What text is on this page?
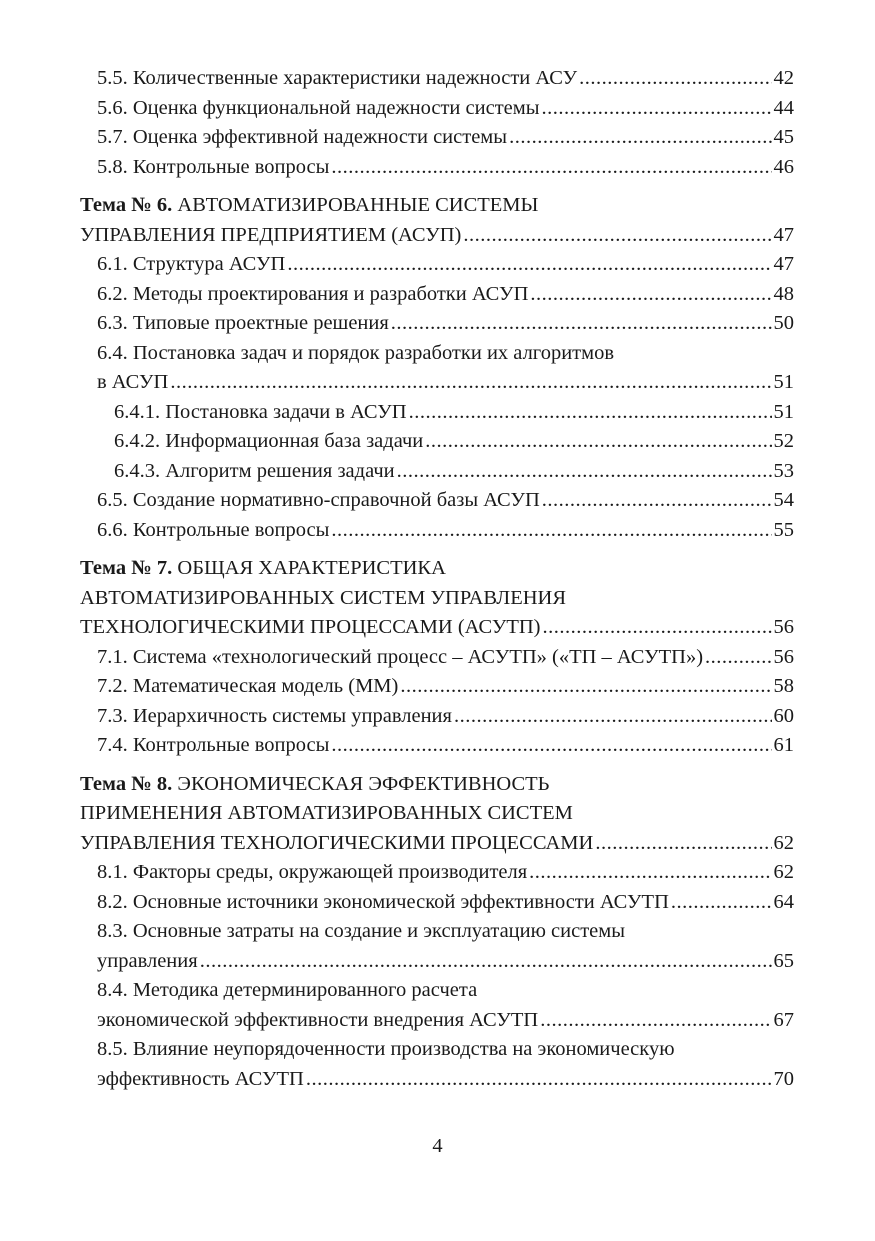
5.5. Количественные характеристики надежности АСУ .....	42
5.6. Оценка функциональной надежности системы .....	44
5.7. Оценка эффективной надежности системы .....	45
5.8. Контрольные вопросы .....	46
Тема № 6. АВТОМАТИЗИРОВАННЫЕ СИСТЕМЫ
УПРАВЛЕНИЯ ПРЕДПРИЯТИЕМ (АСУП) .....	47
6.1. Структура АСУП .....	47
6.2. Методы проектирования и разработки АСУП .....	48
6.3. Типовые проектные решения .....	50
6.4. Постановка задач и порядок разработки их алгоритмов
в АСУП .....	51
6.4.1. Постановка задачи в АСУП .....	51
6.4.2. Информационная база задачи .....	52
6.4.3. Алгоритм решения задачи .....	53
6.5. Создание нормативно-справочной базы АСУП .....	54
6.6. Контрольные вопросы .....	55
Тема № 7. ОБЩАЯ ХАРАКТЕРИСТИКА
АВТОМАТИЗИРОВАННЫХ СИСТЕМ УПРАВЛЕНИЯ
ТЕХНОЛОГИЧЕСКИМИ ПРОЦЕССАМИ (АСУТП) .....	56
7.1. Система «технологический процесс – АСУТП» («ТП – АСУТП») .....	56
7.2. Математическая модель (ММ) .....	58
7.3. Иерархичность системы управления .....	60
7.4. Контрольные вопросы .....	61
Тема № 8. ЭКОНОМИЧЕСКАЯ ЭФФЕКТИВНОСТЬ
ПРИМЕНЕНИЯ АВТОМАТИЗИРОВАННЫХ СИСТЕМ
УПРАВЛЕНИЯ ТЕХНОЛОГИЧЕСКИМИ ПРОЦЕССАМИ .....	62
8.1. Факторы среды, окружающей производителя .....	62
8.2. Основные источники экономической эффективности АСУТП .....	64
8.3. Основные затраты на создание и эксплуатацию системы
управления .....	65
8.4. Методика детерминированного расчета
экономической эффективности внедрения АСУТП .....	67
8.5. Влияние неупорядоченности производства на экономическую
эффективность АСУТП .....	70
4
